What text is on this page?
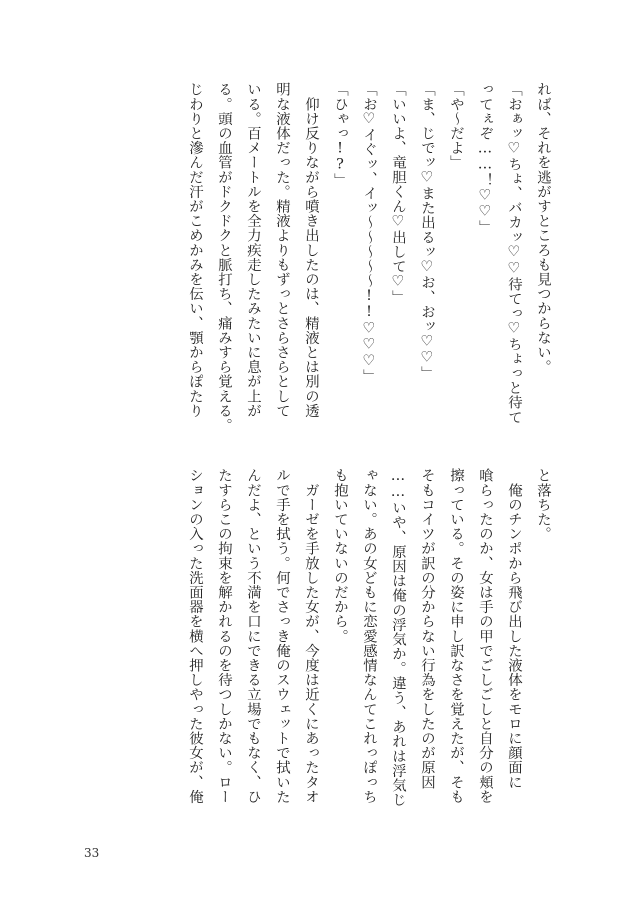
れば、それを逃がすところも見つからない。
「おぁッ♡ちょ、バカッ♡♡待てっ♡ちょっと待て
ってぇぞ……！♡♡」
「や～だよ」
「ま、じでッ♡また出るッ♡お、おッ♡♡」
「いいよ、竜胆くん♡出して♡」
「お♡イぐッ、イッ～～～～～!!♡♡♡」
「ひゃっ!?」
　仰け反りながら噴き出したのは、精液とは別の透
明な液体だった。精液よりもずっとさらさらとして
いる。百メートルを全力疾走したみたいに息が上が
る。頭の血管がドクドクと脈打ち、痛みすら覚える。
じわりと滲んだ汗がこめかみを伝い、顎からぽたり
と落ちた。
　俺のチンポから飛び出した液体をモロに顔面に
喰らったのか、女は手の甲でごしごしと自分の頬を
擦っている。その姿に申し訳なさを覚えたが、そも
そもコイツが訳の分からない行為をしたのが原因
……いや、原因は俺の浮気か。違う、あれは浮気じ
ゃない。あの女どもに恋愛感情なんてこれっぽっち
も抱いていないのだから。
　ガーゼを手放した女が、今度は近くにあったタオ
ルで手を拭う。何でさっき俺のスウェットで拭いた
んだよ、という不満を口にできる立場でもなく、ひ
たすらこの拘束を解かれるのを待つしかない。ロー
ションの入った洗面器を横へ押しやった彼女が、俺
33
